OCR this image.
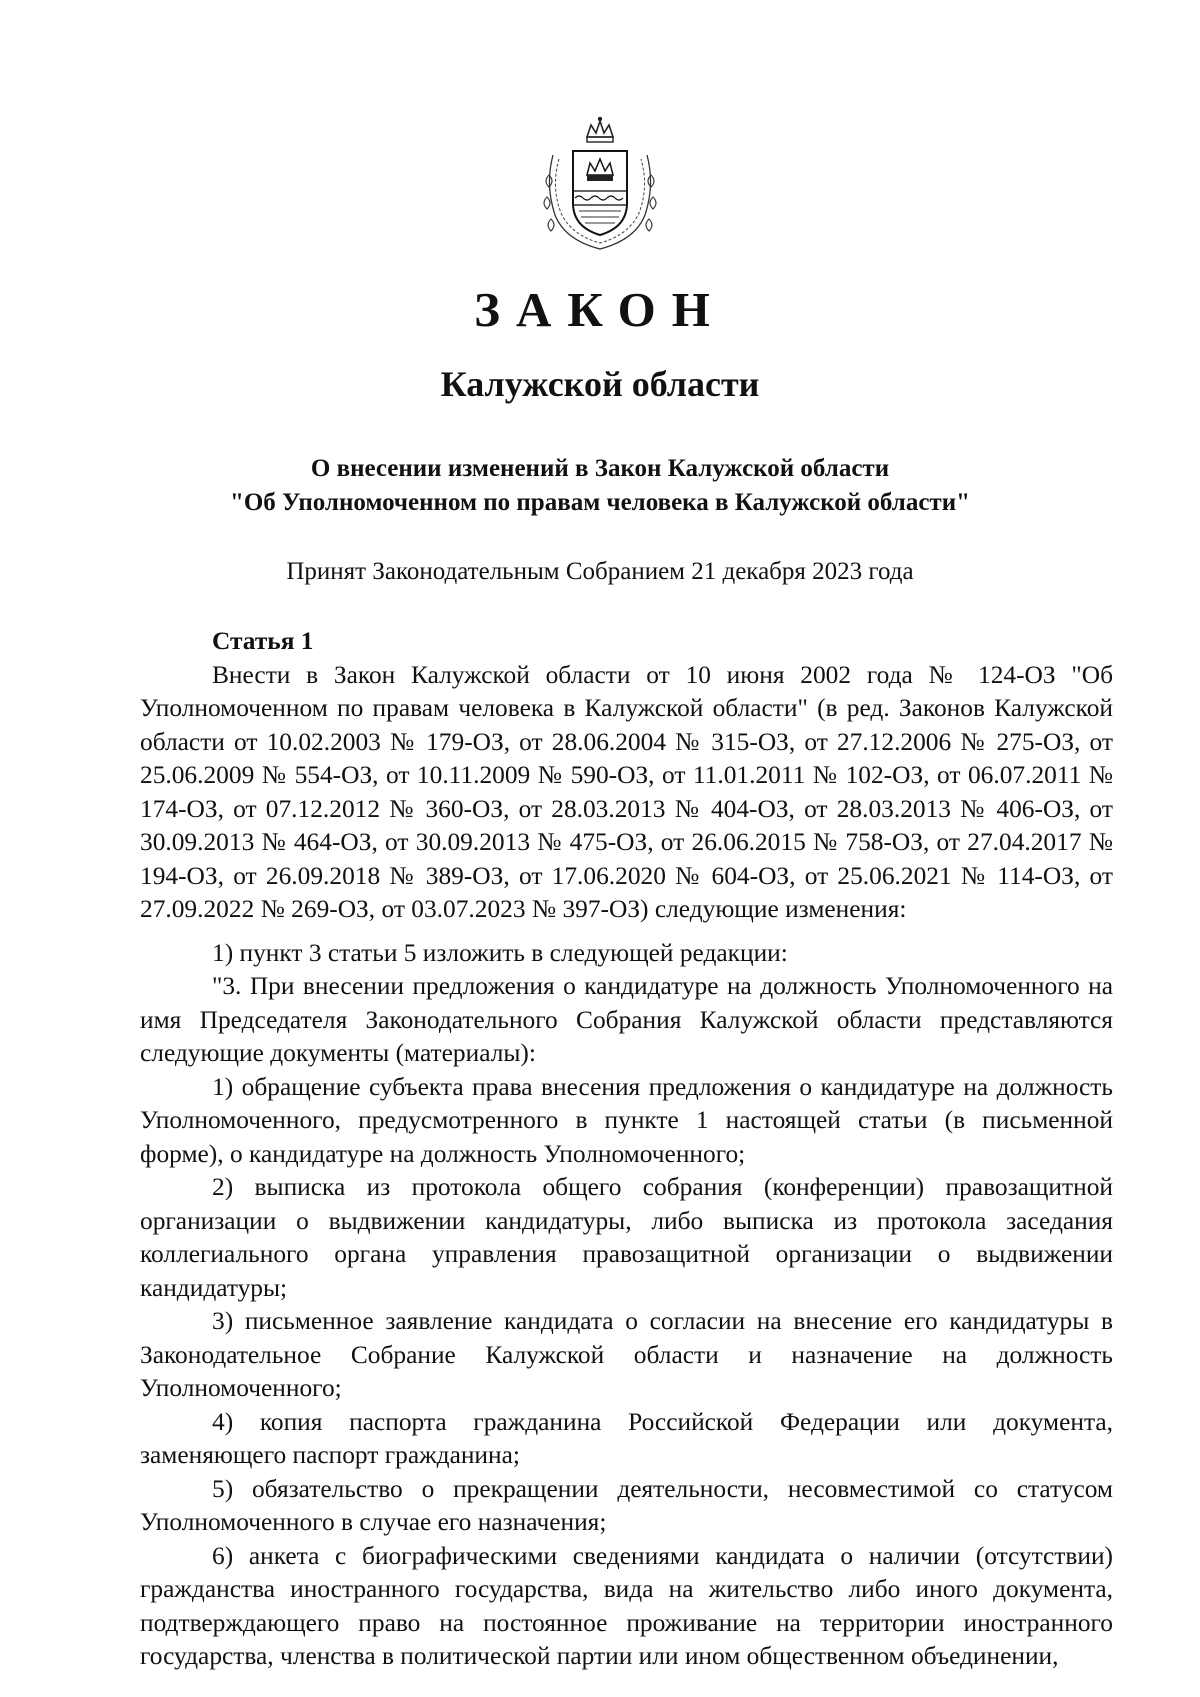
ЗАКОН
Калужской области
О внесении изменений в Закон Калужской области
"Об Уполномоченном по правам человека в Калужской области"
Принят Законодательным Собранием 21 декабря 2023 года

Статья 1

Внести в Закон Калужской области от 10 июня 2002 года № 124-ОЗ "Об Уполномоченном по правам человека в Калужской области" (в ред. Законов Калужской области от 10.02.2003 № 179-ОЗ, от 28.06.2004 № 315-ОЗ, от 27.12.2006 № 275-ОЗ, от 25.06.2009 № 554-ОЗ, от 10.11.2009 № 590-ОЗ, от 11.01.2011 № 102-ОЗ, от 06.07.2011 № 174-ОЗ, от 07.12.2012 № 360-ОЗ, от 28.03.2013 № 404-ОЗ, от 28.03.2013 № 406-ОЗ, от 30.09.2013 № 464-ОЗ, от 30.09.2013 № 475-ОЗ, от 26.06.2015 № 758-ОЗ, от 27.04.2017 № 194-ОЗ, от 26.09.2018 № 389-ОЗ, от 17.06.2020 № 604-ОЗ, от 25.06.2021 № 114-ОЗ, от 27.09.2022 № 269-ОЗ, от 03.07.2023 № 397-ОЗ) следующие изменения:

1) пункт 3 статьи 5 изложить в следующей редакции:

"3. При внесении предложения о кандидатуре на должность Уполномоченного на имя Председателя Законодательного Собрания Калужской области представляются следующие документы (материалы):

1) обращение субъекта права внесения предложения о кандидатуре на должность Уполномоченного, предусмотренного в пункте 1 настоящей статьи (в письменной форме), о кандидатуре на должность Уполномоченного;

2) выписка из протокола общего собрания (конференции) правозащитной организации о выдвижении кандидатуры, либо выписка из протокола заседания коллегиального органа управления правозащитной организации о выдвижении кандидатуры;

3) письменное заявление кандидата о согласии на внесение его кандидатуры в Законодательное Собрание Калужской области и назначение на должность Уполномоченного;

4) копия паспорта гражданина Российской Федерации или документа, заменяющего паспорт гражданина;

5) обязательство о прекращении деятельности, несовместимой со статусом Уполномоченного в случае его назначения;

6) анкета с биографическими сведениями кандидата о наличии (отсутствии) гражданства иностранного государства, вида на жительство либо иного документа, подтверждающего право на постоянное проживание на территории иностранного государства, членства в политической партии или ином общественном объединении,
